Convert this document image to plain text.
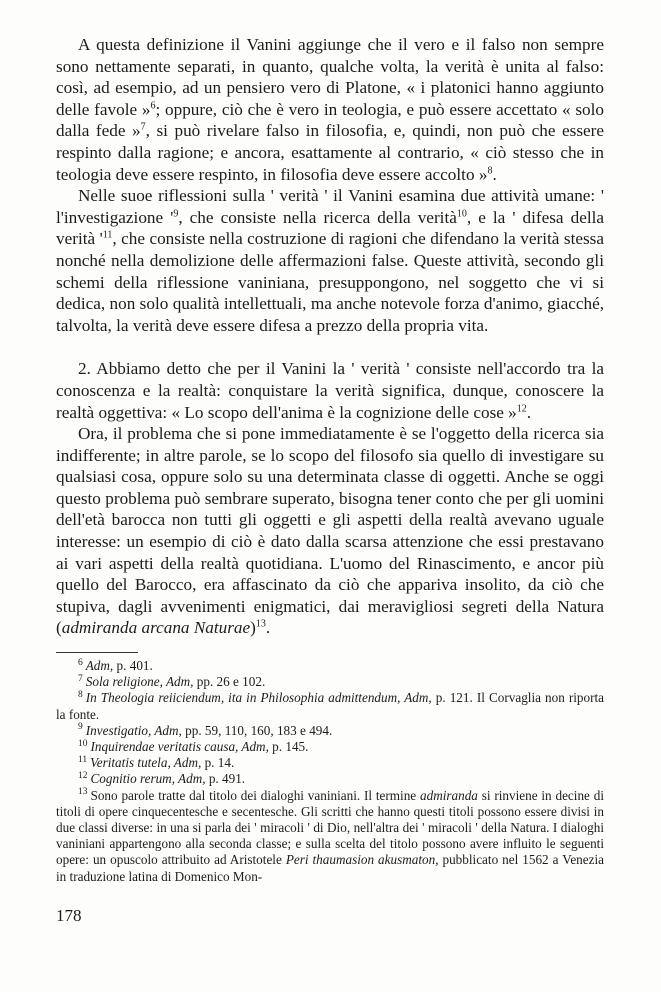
A questa definizione il Vanini aggiunge che il vero e il falso non sempre sono nettamente separati, in quanto, qualche volta, la verità è unita al falso: così, ad esempio, ad un pensiero vero di Platone, « i platonici hanno aggiunto delle favole »$^6$; oppure, ciò che è vero in teologia, e può essere accettato « solo dalla fede »$^7$, si può rivelare falso in filosofia, e, quindi, non può che essere respinto dalla ragione; e ancora, esattamente al contrario, « ciò stesso che in teologia deve essere respinto, in filosofia deve essere accolto »$^8$.

Nelle suoe riflessioni sulla ' verità ' il Vanini esamina due attività umane: ' l'investigazione '$^9$, che consiste nella ricerca della verità$^{10}$, e la ' difesa della verità '$^{11}$, che consiste nella costruzione di ragioni che difendano la verità stessa nonché nella demolizione delle affermazioni false. Queste attività, secondo gli schemi della riflessione vaniniana, presuppongono, nel soggetto che vi si dedica, non solo qualità intellettuali, ma anche notevole forza d'animo, giacché, talvolta, la verità deve essere difesa a prezzo della propria vita.

2. Abbiamo detto che per il Vanini la ' verità ' consiste nell'accordo tra la conoscenza e la realtà: conquistare la verità significa, dunque, conoscere la realtà oggettiva: « Lo scopo dell'anima è la cognizione delle cose »$^{12}$.

Ora, il problema che si pone immediatamente è se l'oggetto della ricerca sia indifferente; in altre parole, se lo scopo del filosofo sia quello di investigare su qualsiasi cosa, oppure solo su una determinata classe di oggetti. Anche se oggi questo problema può sembrare superato, bisogna tener conto che per gli uomini dell'età barocca non tutti gli oggetti e gli aspetti della realtà avevano uguale interesse: un esempio di ciò è dato dalla scarsa attenzione che essi prestavano ai vari aspetti della realtà quotidiana. L'uomo del Rinascimento, e ancor più quello del Barocco, era affascinato da ciò che appariva insolito, da ciò che stupiva, dagli avvenimenti enigmatici, dai meravigliosi segreti della Natura (admiranda arcana Naturae)$^{13}$.

$^6$ Adm, p. 401.
$^7$ Sola religione, Adm, pp. 26 e 102.
$^8$ In Theologia reiiciendum, ita in Philosophia admittendum, Adm, p. 121. Il Corvaglia non riporta la fonte.
$^9$ Investigatio, Adm, pp. 59, 110, 160, 183 e 494.
$^{10}$ Inquirendae veritatis causa, Adm, p. 145.
$^{11}$ Veritatis tutela, Adm, p. 14.
$^{12}$ Cognitio rerum, Adm, p. 491.
$^{13}$ Sono parole tratte dal titolo dei dialoghi vaniniani. Il termine admiranda si rinviene in decine di titoli di opere cinquecentesche e secentesche. Gli scritti che hanno questi titoli possono essere divisi in due classi diverse: in una si parla dei ' miracoli ' di Dio, nell'altra dei ' miracoli ' della Natura. I dialoghi vaniniani appartengono alla seconda classe; e sulla scelta del titolo possono avere influito le seguenti opere: un opuscolo attribuito ad Aristotele Peri thaumasion akusmaton, pubblicato nel 1562 a Venezia in traduzione latina di Domenico Mon-
178
